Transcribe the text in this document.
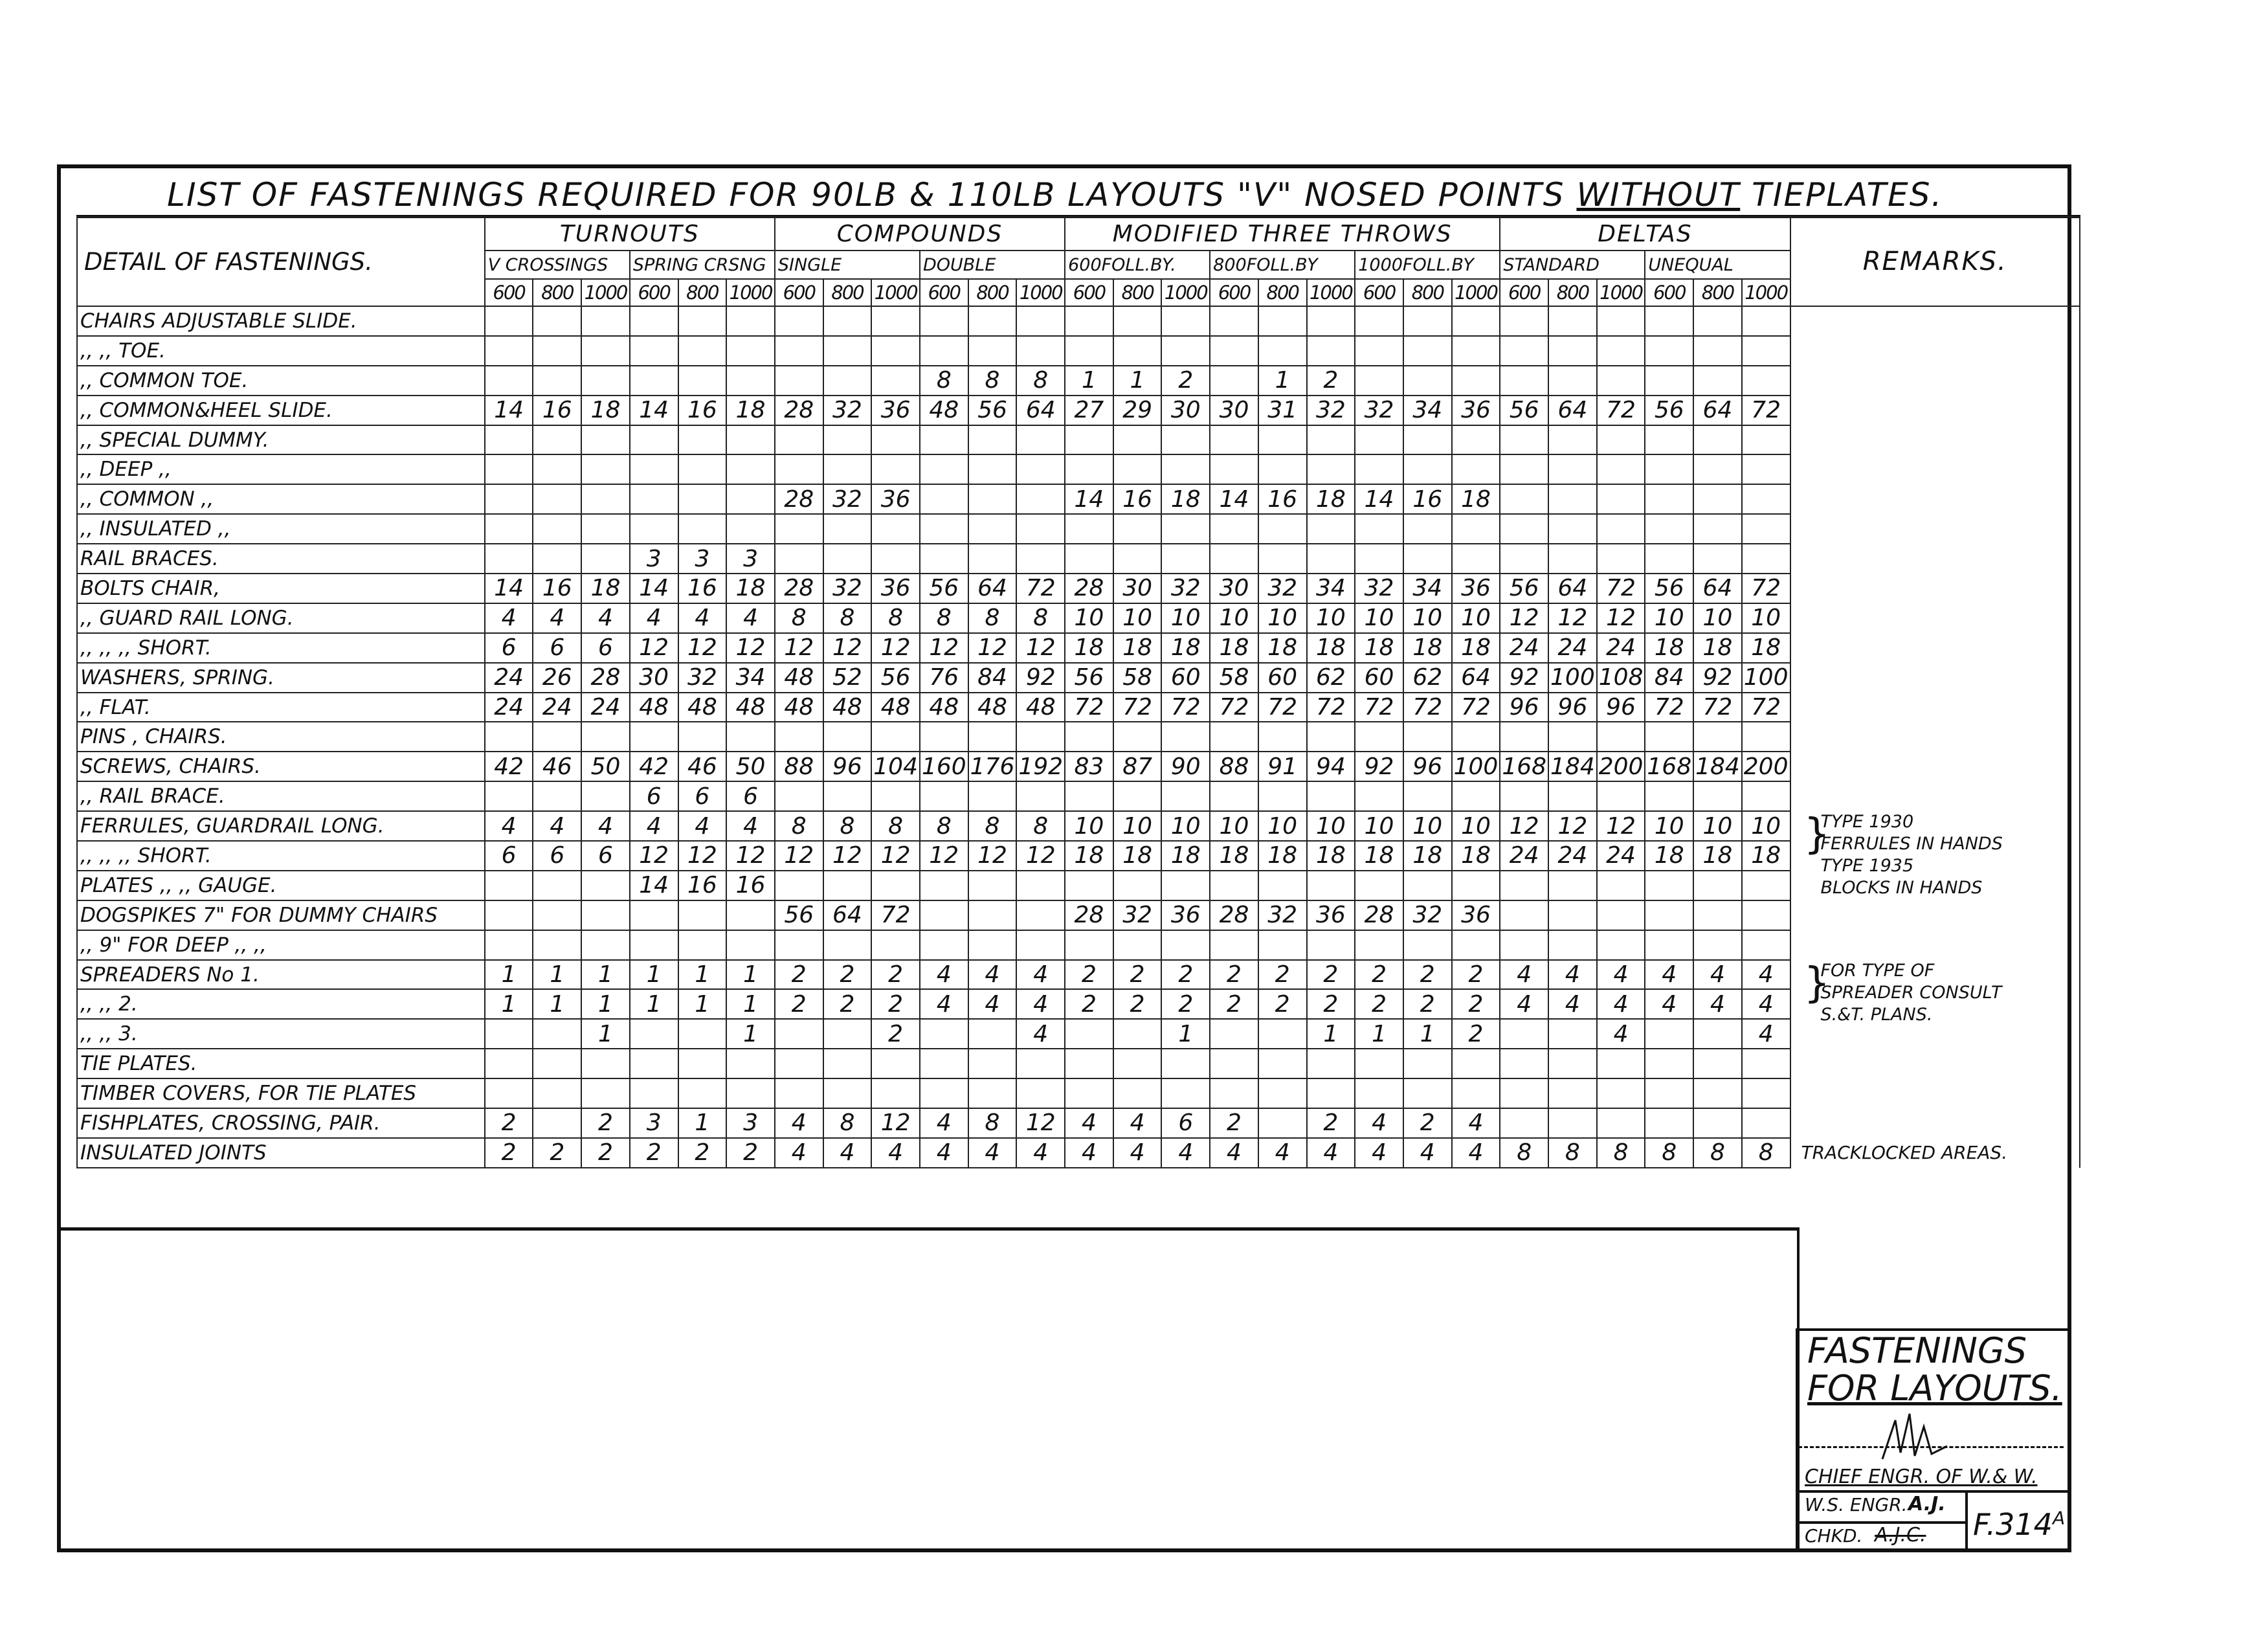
LIST OF FASTENINGS REQUIRED FOR 90LB & 110LB LAYOUTS "V" NOSED POINTS WITHOUT TIEPLATES.
DETAIL OF FASTENINGS.	TURNOUTS						COMPOUNDS						MODIFIED THREE THROWS									DELTAS						REMARKS.
	V CROSSINGS			SPRING CRSNG			SINGLE			DOUBLE			600FOLL.BY.			800FOLL.BY			1000FOLL.BY			STANDARD			UNEQUAL			
	600	800	1000	600	800	1000	600	800	1000	600	800	1000	600	800	1000	600	800	1000	600	800	1000	600	800	1000	600	800	1000	
CHAIRS ADJUSTABLE SLIDE.																												
,, ,, TOE.																												
,, COMMON TOE.										8	8	8	1	1	2		1	2										
,, COMMON&HEEL SLIDE.	14	16	18	14	16	18	28	32	36	48	56	64	27	29	30	30	31	32	32	34	36	56	64	72	56	64	72	
,, SPECIAL DUMMY.																												
,, DEEP ,,																												
,, COMMON ,,							28	32	36				14	16	18	14	16	18	14	16	18							
,, INSULATED ,,																												
RAIL BRACES.				3	3	3																						
BOLTS CHAIR,	14	16	18	14	16	18	28	32	36	56	64	72	28	30	32	30	32	34	32	34	36	56	64	72	56	64	72	
,, GUARD RAIL LONG.	4	4	4	4	4	4	8	8	8	8	8	8	10	10	10	10	10	10	10	10	10	12	12	12	10	10	10	
,, ,, ,, SHORT.	6	6	6	12	12	12	12	12	12	12	12	12	18	18	18	18	18	18	18	18	18	24	24	24	18	18	18	
WASHERS, SPRING.	24	26	28	30	32	34	48	52	56	76	84	92	56	58	60	58	60	62	60	62	64	92	100	108	84	92	100	
,, FLAT.	24	24	24	48	48	48	48	48	48	48	48	48	72	72	72	72	72	72	72	72	72	96	96	96	72	72	72	
PINS , CHAIRS.																												
SCREWS, CHAIRS.	42	46	50	42	46	50	88	96	104	160	176	192	83	87	90	88	91	94	92	96	100	168	184	200	168	184	200	
,, RAIL BRACE.				6	6	6																						
FERRULES, GUARDRAIL LONG.	4	4	4	4	4	4	8	8	8	8	8	8	10	10	10	10	10	10	10	10	10	12	12	12	10	10	10	}
TYPE 1930
FERRULES IN HANDS
TYPE 1935
BLOCKS IN HANDS

,, ,, ,, SHORT.	6	6	6	12	12	12	12	12	12	12	12	12	18	18	18	18	18	18	18	18	18	24	24	24	18	18	18	
PLATES ,, ,, GAUGE.				14	16	16																						
DOGSPIKES 7" FOR DUMMY CHAIRS							56	64	72				28	32	36	28	32	36	28	32	36							
,, 9" FOR DEEP ,, ,,																												
SPREADERS No 1.	1	1	1	1	1	1	2	2	2	4	4	4	2	2	2	2	2	2	2	2	2	4	4	4	4	4	4	}
FOR TYPE OF
SPREADER CONSULT
S.&T. PLANS.

,, ,, 2.	1	1	1	1	1	1	2	2	2	4	4	4	2	2	2	2	2	2	2	2	2	4	4	4	4	4	4	
,, ,, 3.			1			1			2			4			1			1	1	1	2			4			4	
TIE PLATES.																												
TIMBER COVERS, FOR TIE PLATES																												
FISHPLATES, CROSSING, PAIR.	2		2	3	1	3	4	8	12	4	8	12	4	4	6	2		2	4	2	4							
INSULATED JOINTS	2	2	2	2	2	2	4	4	4	4	4	4	4	4	4	4	4	4	4	4	4	8	8	8	8	8	8	TRACKLOCKED AREAS.
FASTENINGS
FOR LAYOUTS.
CHIEF ENGR. OF W.& W.
W.S. ENGR. A.J.
CHKD. A.J.C. $F.314^A$
